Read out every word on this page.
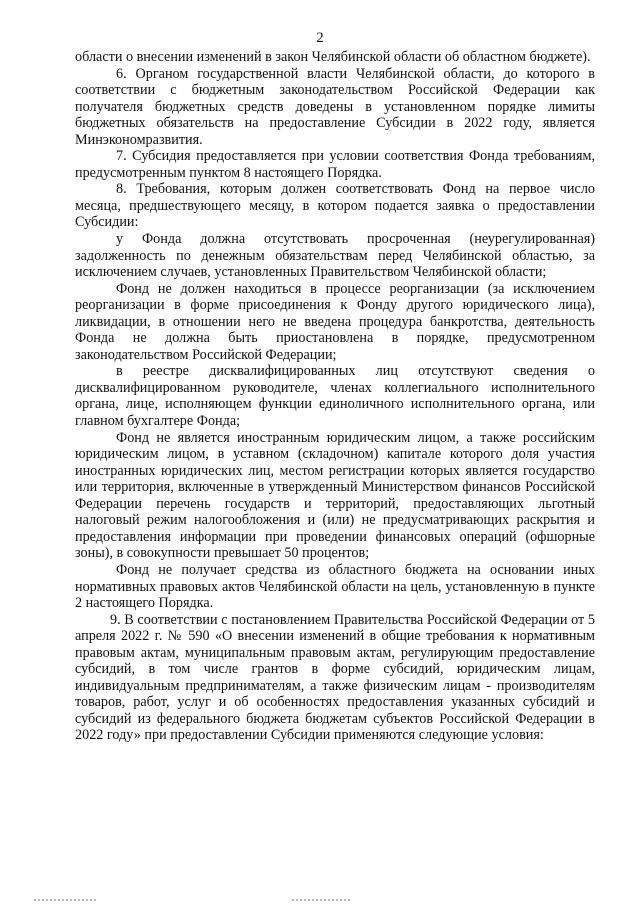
2

области о внесении изменений в закон Челябинской области об областном бюджете).

6. Органом государственной власти Челябинской области, до которого в соответствии с бюджетным законодательством Российской Федерации как получателя бюджетных средств доведены в установленном порядке лимиты бюджетных обязательств на предоставление Субсидии в 2022 году, является Минэкономразвития.

7. Субсидия предоставляется при условии соответствия Фонда требованиям, предусмотренным пунктом 8 настоящего Порядка.

8. Требования, которым должен соответствовать Фонд на первое число месяца, предшествующего месяцу, в котором подается заявка о предоставлении Субсидии:

у Фонда должна отсутствовать просроченная (неурегулированная) задолженность по денежным обязательствам перед Челябинской областью, за исключением случаев, установленных Правительством Челябинской области;

Фонд не должен находиться в процессе реорганизации (за исключением реорганизации в форме присоединения к Фонду другого юридического лица), ликвидации, в отношении него не введена процедура банкротства, деятельность Фонда не должна быть приостановлена в порядке, предусмотренном законодательством Российской Федерации;

в реестре дисквалифицированных лиц отсутствуют сведения о дисквалифицированном руководителе, членах коллегиального исполнительного органа, лице, исполняющем функции единоличного исполнительного органа, или главном бухгалтере Фонда;

Фонд не является иностранным юридическим лицом, а также российским юридическим лицом, в уставном (складочном) капитале которого доля участия иностранных юридических лиц, местом регистрации которых является государство или территория, включенные в утвержденный Министерством финансов Российской Федерации перечень государств и территорий, предоставляющих льготный налоговый режим налогообложения и (или) не предусматривающих раскрытия и предоставления информации при проведении финансовых операций (офшорные зоны), в совокупности превышает 50 процентов;

Фонд не получает средства из областного бюджета на основании иных нормативных правовых актов Челябинской области на цель, установленную в пункте 2 настоящего Порядка.

9. В соответствии с постановлением Правительства Российской Федерации от 5 апреля 2022 г. № 590 «О внесении изменений в общие требования к нормативным правовым актам, муниципальным правовым актам, регулирующим предоставление субсидий, в том числе грантов в форме субсидий, юридическим лицам, индивидуальным предпринимателям, а также физическим лицам - производителям товаров, работ, услуг и об особенностях предоставления указанных субсидий и субсидий из федерального бюджета бюджетам субъектов Российской Федерации в 2022 году» при предоставлении Субсидии применяются следующие условия:
